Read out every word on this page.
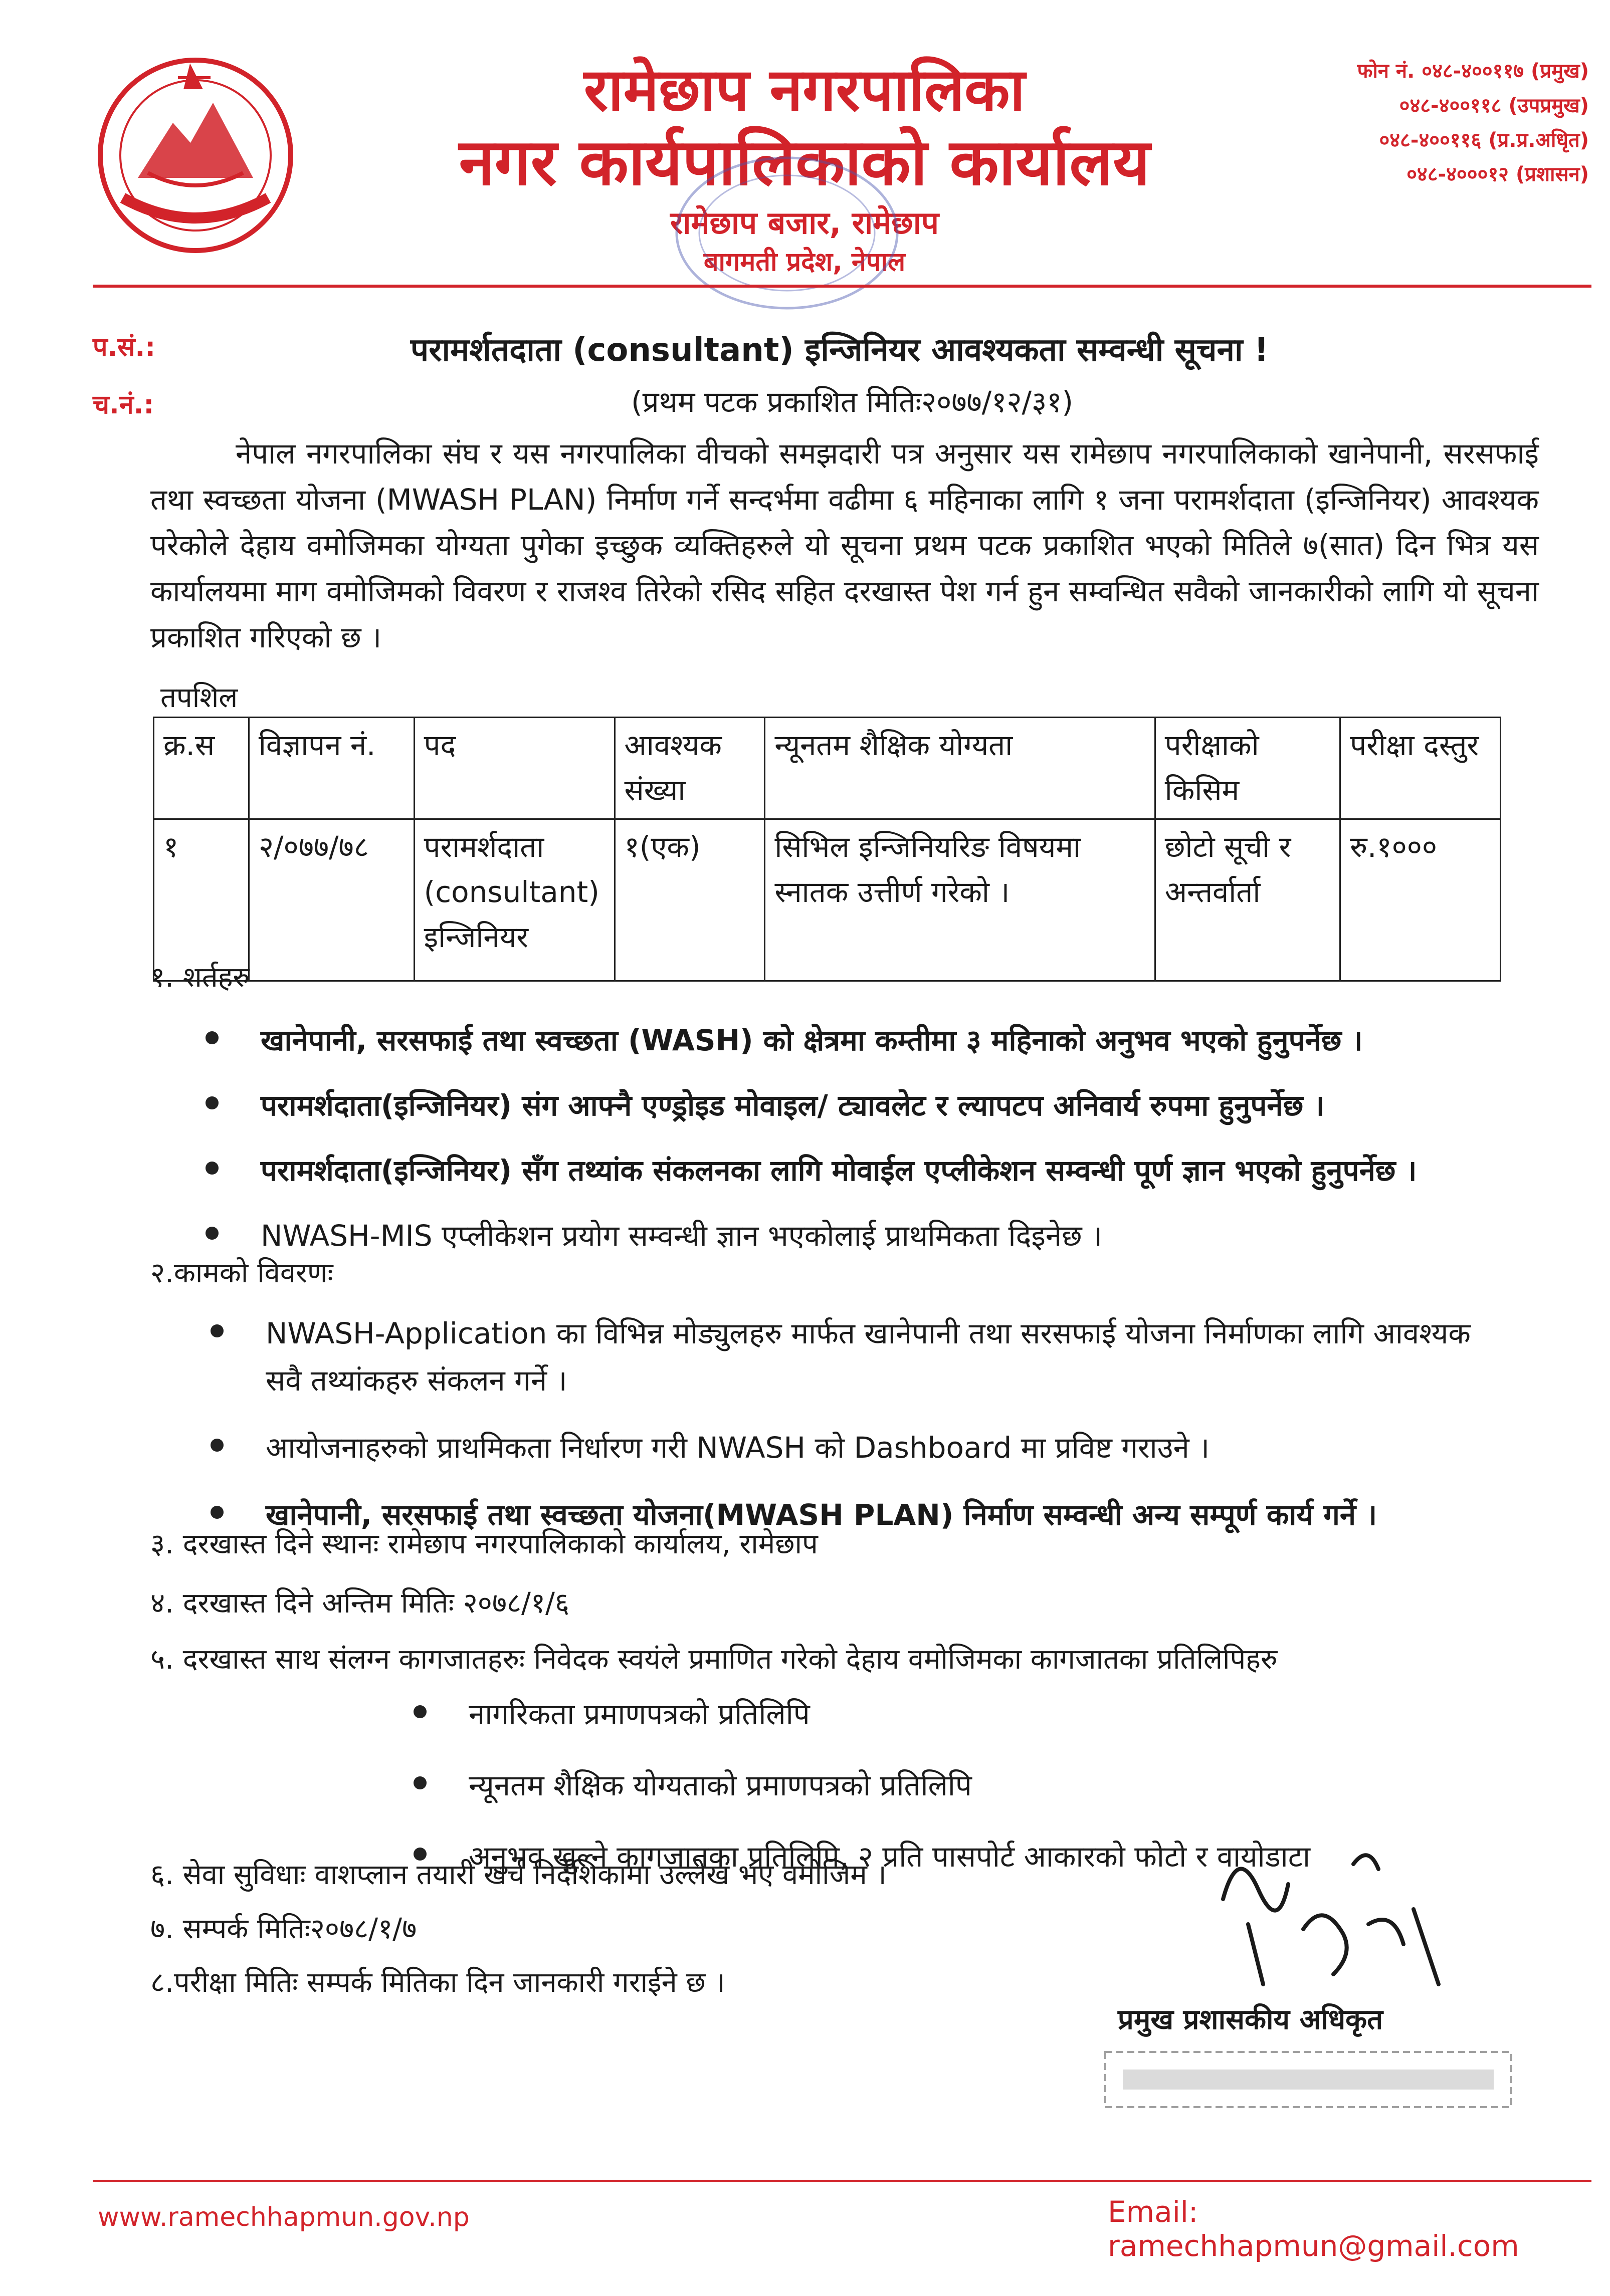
रामेछाप नगरपालिका
नगर कार्यपालिकाको कार्यालय
रामेछाप बजार, रामेछाप
बागमती प्रदेश, नेपाल
फोन नं. ०४८-४००११७ (प्रमुख)
०४८-४००११८ (उपप्रमुख)
०४८-४००११६ (प्र.प्र.अधिृत)
०४८-४०००१२ (प्रशासन)
प.सं.:
च.नं.:
परामर्शतदाता (consultant) इन्जिनियर आवश्यकता सम्वन्धी सूचना !
(प्रथम पटक प्रकाशित मितिः२०७७/१२/३१)
नेपाल नगरपालिका संघ र यस नगरपालिका वीचको समझदारी पत्र अनुसार यस रामेछाप नगरपालिकाको खानेपानी, सरसफाई तथा स्वच्छता योजना (MWASH PLAN) निर्माण गर्ने सन्दर्भमा वढीमा ६ महिनाका लागि १ जना परामर्शदाता (इन्जिनियर) आवश्यक परेकोले देहाय वमोजिमका योग्यता पुगेका इच्छुक व्यक्तिहरुले यो सूचना प्रथम पटक प्रकाशित भएको मितिले ७(सात) दिन भित्र यस कार्यालयमा माग वमोजिमको विवरण र राजश्व तिरेको रसिद सहित दरखास्त पेश गर्न हुन सम्वन्धित सवैको जानकारीको लागि यो सूचना प्रकाशित गरिएको छ ।
तपशिल
क्र.स	विज्ञापन नं.	पद	आवश्यक संख्या	न्यूनतम शैक्षिक योग्यता	परीक्षाको किसिम	परीक्षा दस्तुर
१	२/०७७/७८	परामर्शदाता (consultant) इन्जिनियर	१(एक)	सिभिल इन्जिनियरिङ विषयमा स्नातक उत्तीर्ण गरेको ।	छोटो सूची र अन्तर्वार्ता	रु.१०००
१. शर्तहरु
खानेपानी, सरसफाई तथा स्वच्छता (WASH) को क्षेत्रमा कम्तीमा ३ महिनाको अनुभव भएको हुनुपर्नेछ ।
परामर्शदाता(इन्जिनियर) संग आफ्नै एण्ड्रोइड मोवाइल/ ट्यावलेट र ल्यापटप अनिवार्य रुपमा हुनुपर्नेछ ।
परामर्शदाता(इन्जिनियर) सँग तथ्यांक संकलनका लागि मोवाईल एप्लीकेशन सम्वन्धी पूर्ण ज्ञान भएको हुनुपर्नेछ ।
NWASH-MIS एप्लीकेशन प्रयोग सम्वन्धी ज्ञान भएकोलाई प्राथमिकता दिइनेछ ।
२.कामको विवरणः
NWASH-Application का विभिन्न मोड्युलहरु मार्फत खानेपानी तथा सरसफाई योजना निर्माणका लागि आवश्यक सवै तथ्यांकहरु संकलन गर्ने ।
आयोजनाहरुको प्राथमिकता निर्धारण गरी NWASH को Dashboard मा प्रविष्ट गराउने ।
खानेपानी, सरसफाई तथा स्वच्छता योजना(MWASH PLAN) निर्माण सम्वन्धी अन्य सम्पूर्ण कार्य गर्ने ।
३. दरखास्त दिने स्थानः रामेछाप नगरपालिकाको कार्यालय, रामेछाप
४. दरखास्त दिने अन्तिम मितिः २०७८/१/६
५. दरखास्त साथ संलग्न कागजातहरुः निवेदक स्वयंले प्रमाणित गरेको देहाय वमोजिमका कागजातका प्रतिलिपिहरु
नागरिकता प्रमाणपत्रको प्रतिलिपि
न्यूनतम शैक्षिक योग्यताको प्रमाणपत्रको प्रतिलिपि
अनुभव खुल्ने कागजातका प्रतिलिपि, २ प्रति पासपोर्ट आकारको फोटो र वायोडाटा
६. सेवा सुविधाः वाशप्लान तयारी खर्च निर्देशिकामा उल्लेख भए वमोजिम ।
७. सम्पर्क मितिः२०७८/१/७
८.परीक्षा मितिः सम्पर्क मितिका दिन जानकारी गराईने छ ।
प्रमुख प्रशासकीय अधिकृत
www.ramechhapmun.gov.np	Email: ramechhapmun@gmail.com
